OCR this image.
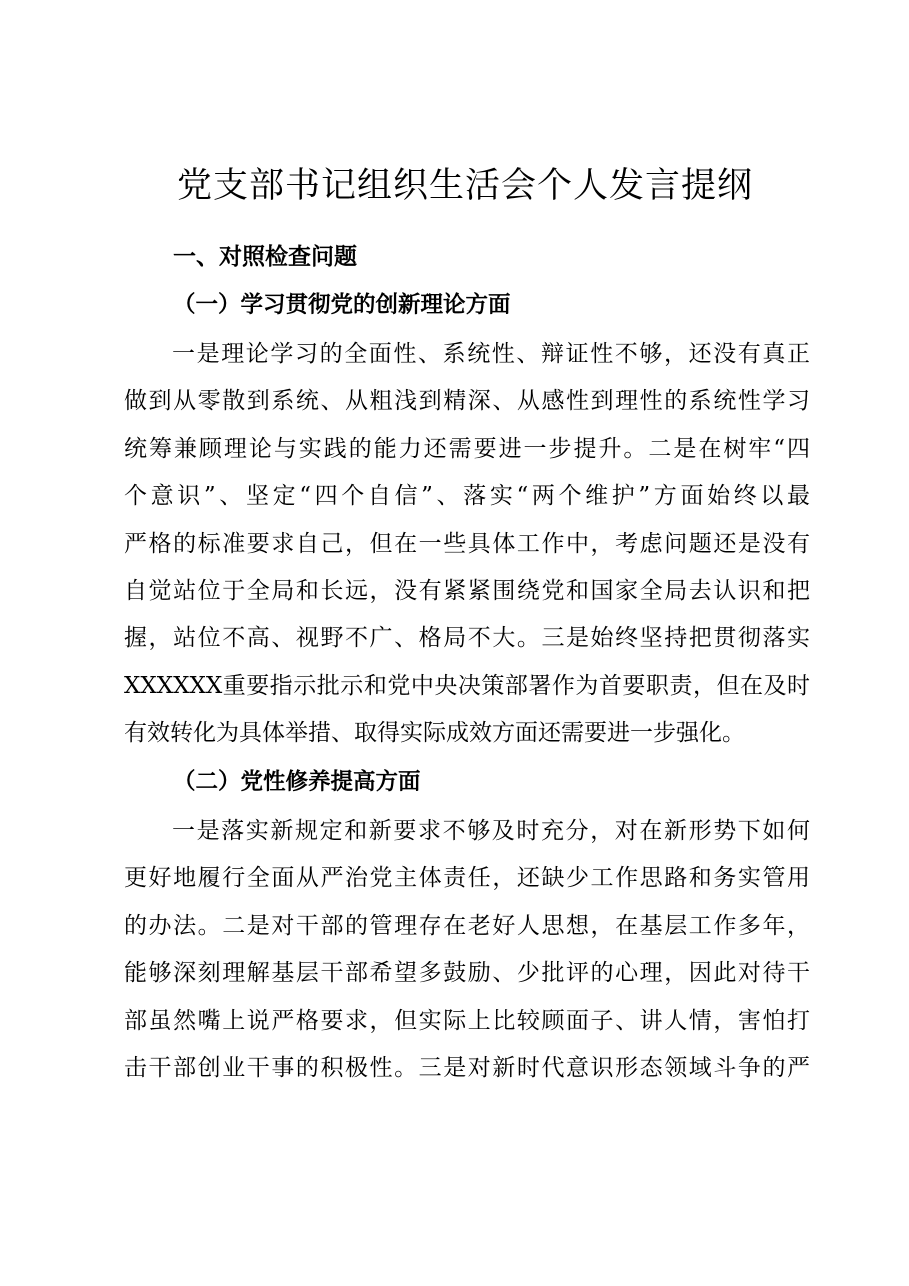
党支部书记组织生活会个人发言提纲
一、对照检查问题
（一）学习贯彻党的创新理论方面
一是理论学习的全面性、系统性、辩证性不够，还没有真正
做到从零散到系统、从粗浅到精深、从感性到理性的系统性学习
统筹兼顾理论与实践的能力还需要进一步提升。二是在树牢“四
个意识”、坚定“四个自信”、落实“两个维护”方面始终以最
严格的标准要求自己，但在一些具体工作中，考虑问题还是没有
自觉站位于全局和长远，没有紧紧围绕党和国家全局去认识和把
握，站位不高、视野不广、格局不大。三是始终坚持把贯彻落实
XXXXXX重要指示批示和党中央决策部署作为首要职责，但在及时
有效转化为具体举措、取得实际成效方面还需要进一步强化。
（二）党性修养提高方面
一是落实新规定和新要求不够及时充分，对在新形势下如何
更好地履行全面从严治党主体责任，还缺少工作思路和务实管用
的办法。二是对干部的管理存在老好人思想，在基层工作多年，
能够深刻理解基层干部希望多鼓励、少批评的心理，因此对待干
部虽然嘴上说严格要求，但实际上比较顾面子、讲人情，害怕打
击干部创业干事的积极性。三是对新时代意识形态领域斗争的严
